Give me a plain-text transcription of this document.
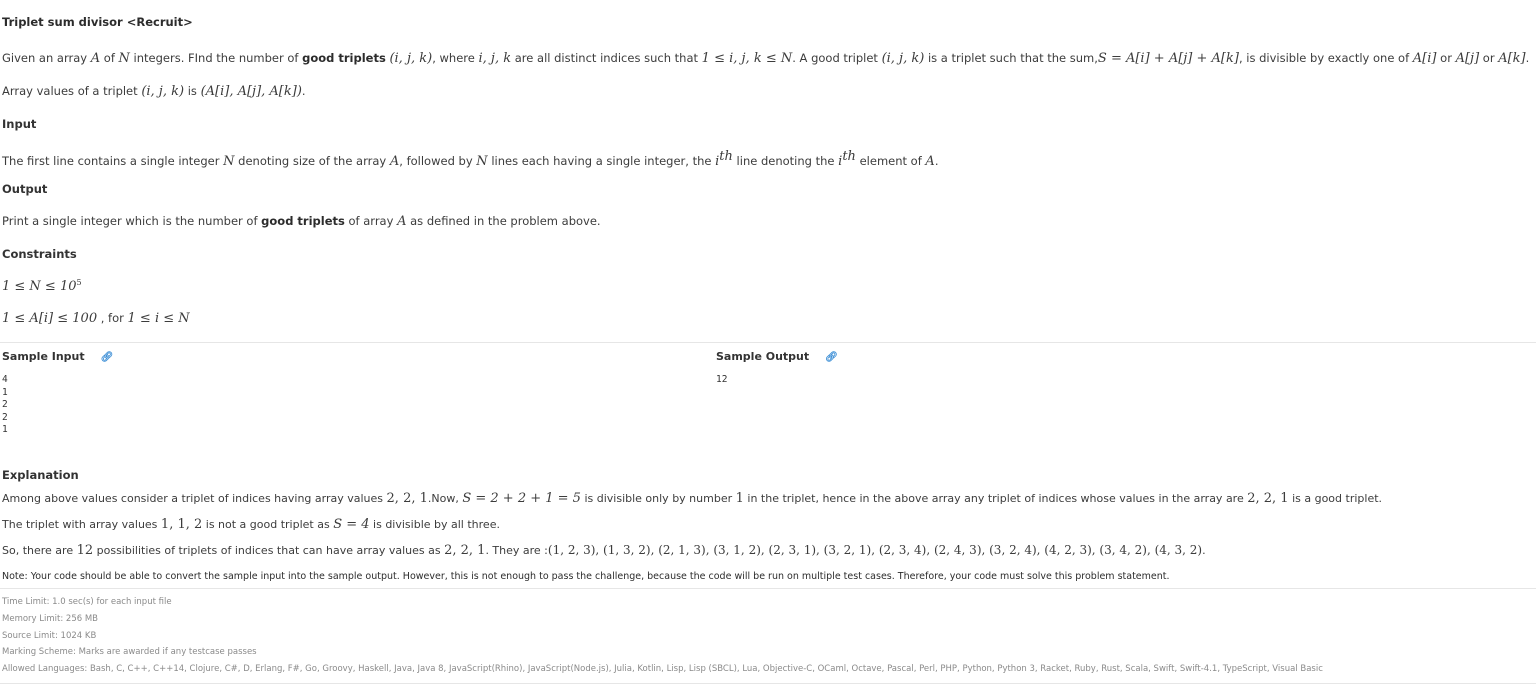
Triplet sum divisor <Recruit>
Given an array A of N integers. FInd the number of good triplets (i, j, k), where i, j, k are all distinct indices such that 1 ≤ i, j, k ≤ N. A good triplet (i, j, k) is a triplet such that the sum,S = A[i] + A[j] + A[k], is divisible by exactly one of A[i] or A[j] or A[k].
Array values of a triplet (i, j, k) is (A[i], A[j], A[k]).
Input
The first line contains a single integer N denoting size of the array A, followed by N lines each having a single integer, the $i^{th}$ line denoting the $i^{th}$ element of A.
Output
Print a single integer which is the number of good triplets of array A as defined in the problem above.
Constraints
$1 \le N \le 10^5$
1 ≤ A[i] ≤ 100 , for 1 ≤ i ≤ N
Sample Input 🔗︎
4
1
2
2
1
Sample Output 🔗︎
12
Explanation
Among above values consider a triplet of indices having array values 2, 2, 1.Now, S = 2 + 2 + 1 = 5 is divisible only by number 1 in the triplet, hence in the above array any triplet of indices whose values in the array are 2, 2, 1 is a good triplet.
The triplet with array values 1, 1, 2 is not a good triplet as S = 4 is divisible by all three.
So, there are 12 possibilities of triplets of indices that can have array values as 2, 2, 1. They are :(1, 2, 3), (1, 3, 2), (2, 1, 3), (3, 1, 2), (2, 3, 1), (3, 2, 1), (2, 3, 4), (2, 4, 3), (3, 2, 4), (4, 2, 3), (3, 4, 2), (4, 3, 2).
Note: Your code should be able to convert the sample input into the sample output. However, this is not enough to pass the challenge, because the code will be run on multiple test cases. Therefore, your code must solve this problem statement.
Time Limit: 1.0 sec(s) for each input file
Memory Limit: 256 MB
Source Limit: 1024 KB
Marking Scheme: Marks are awarded if any testcase passes
Allowed Languages: Bash, C, C++, C++14, Clojure, C#, D, Erlang, F#, Go, Groovy, Haskell, Java, Java 8, JavaScript(Rhino), JavaScript(Node.js), Julia, Kotlin, Lisp, Lisp (SBCL), Lua, Objective-C, OCaml, Octave, Pascal, Perl, PHP, Python, Python 3, Racket, Ruby, Rust, Scala, Swift, Swift-4.1, TypeScript, Visual Basic
